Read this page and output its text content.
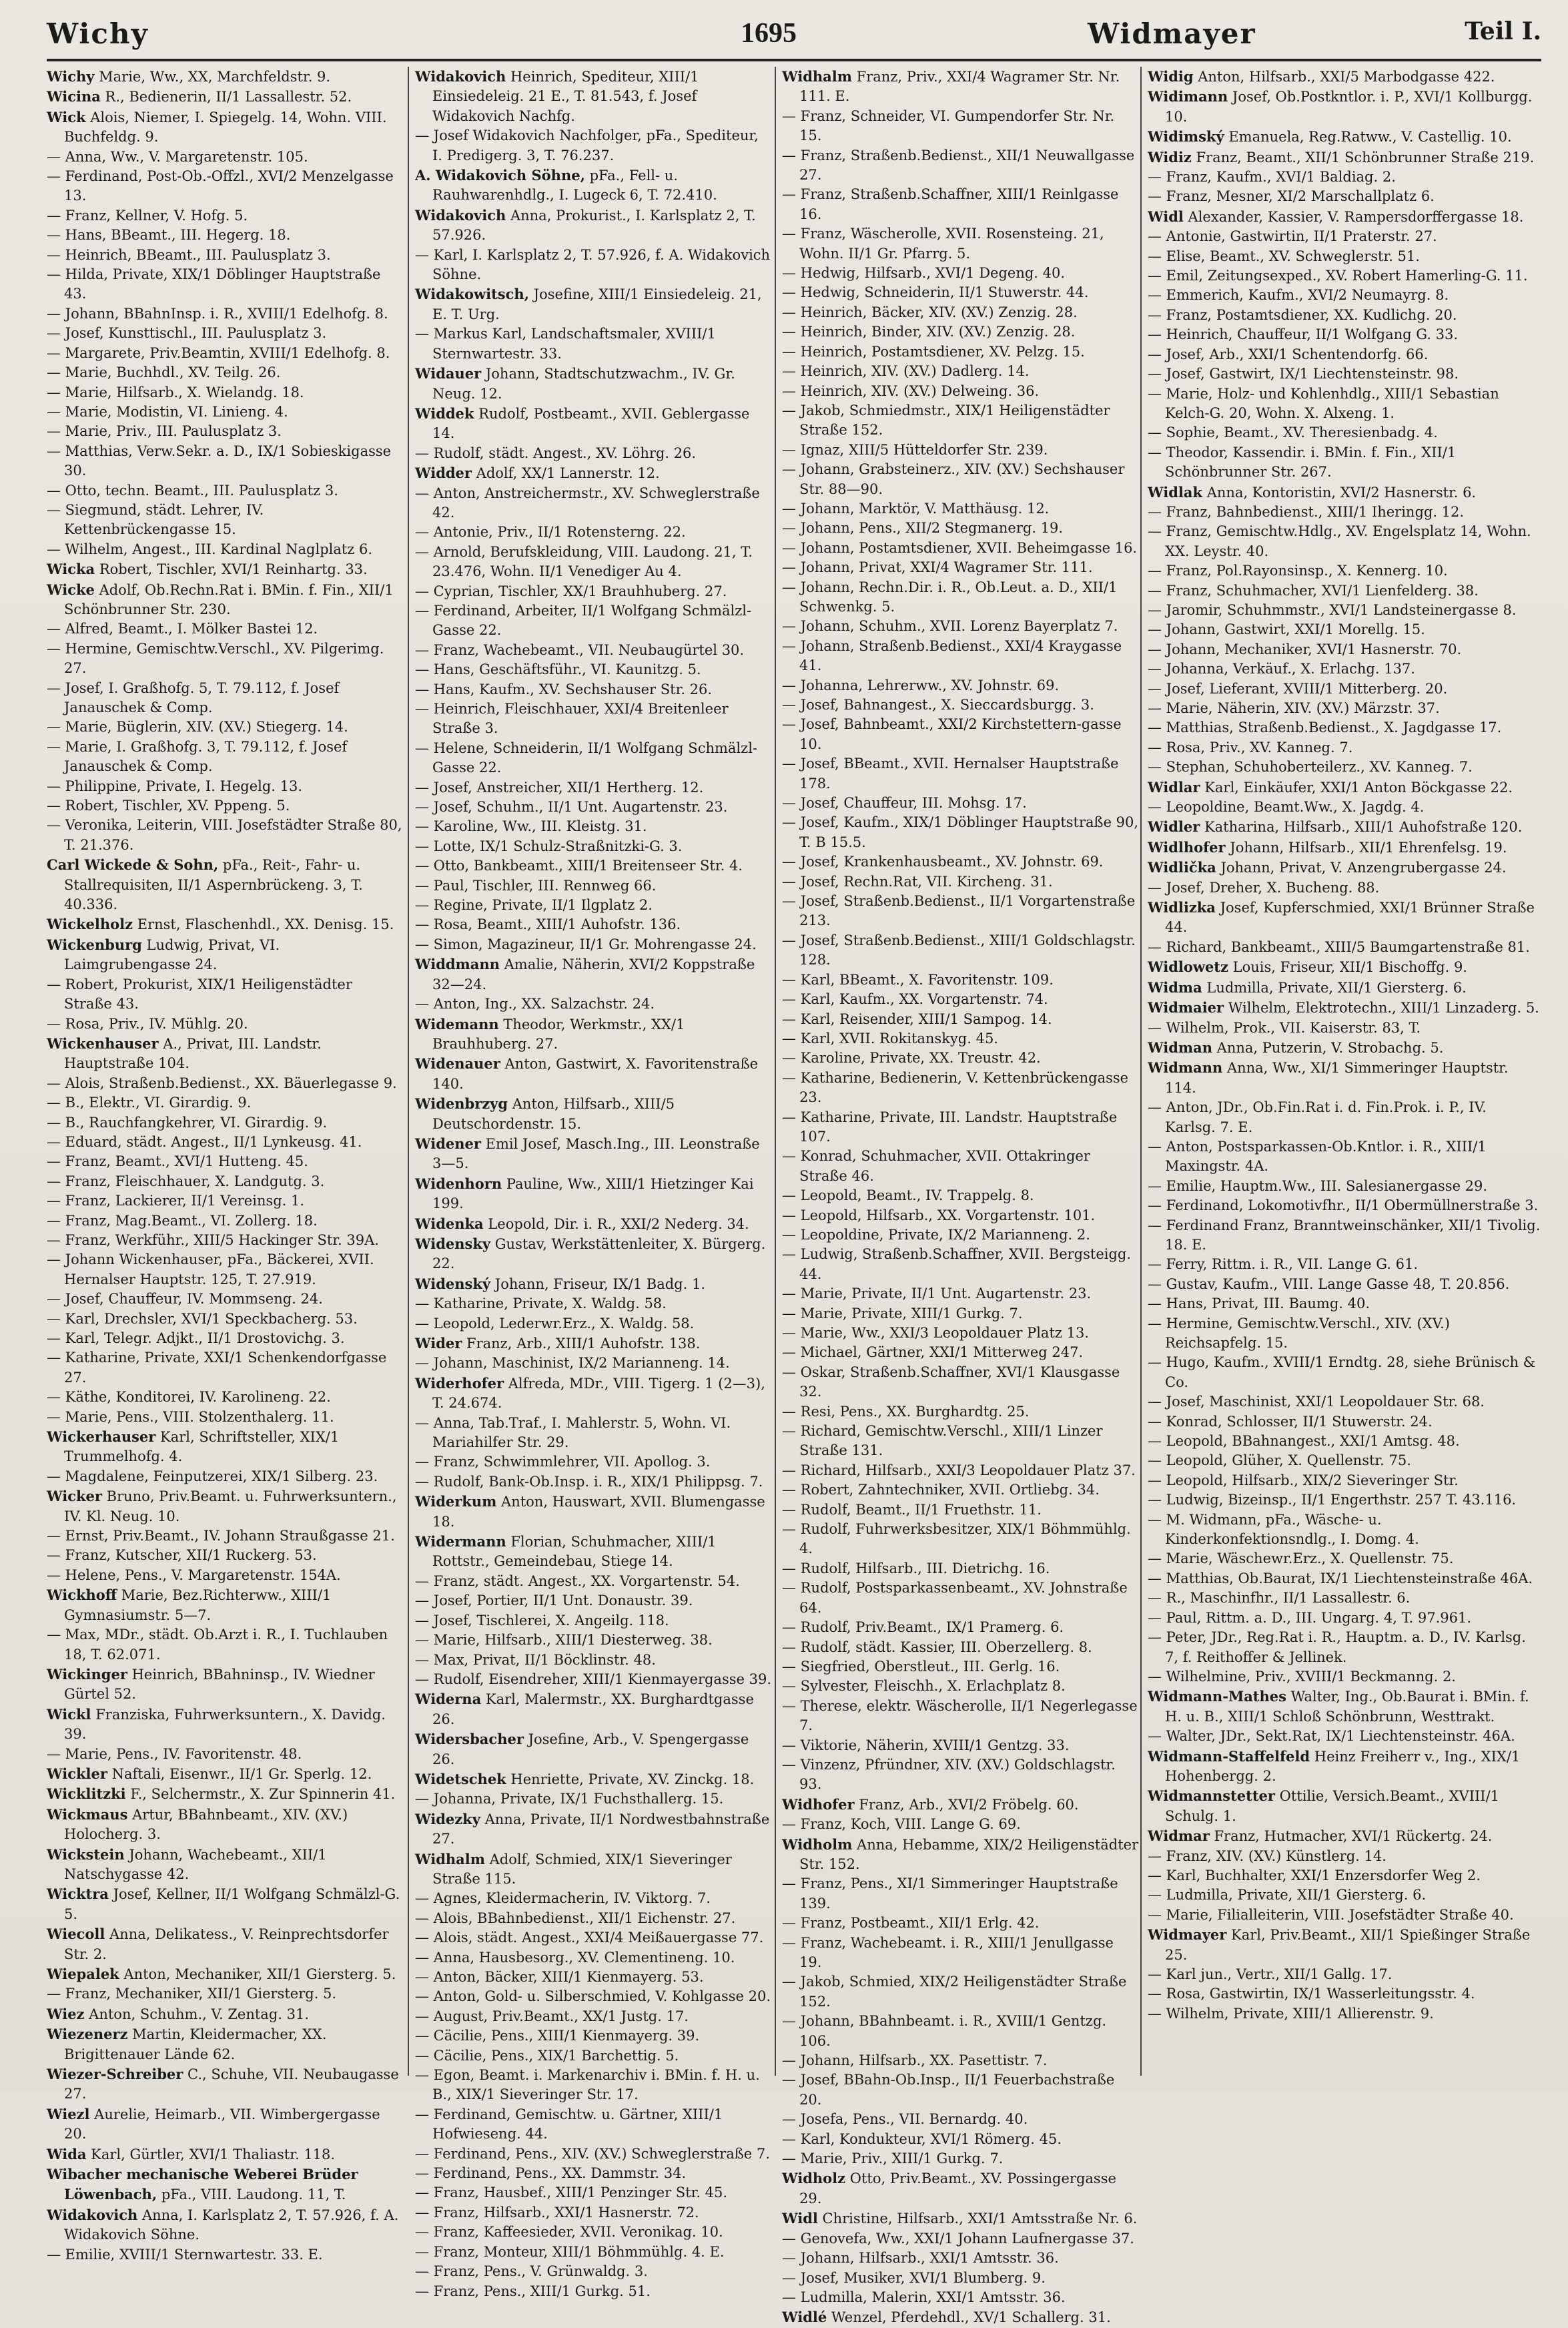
Wichy	1695	Widmayer	Teil I.

Wichy Marie, Ww., XX, Marchfeldstr. 9.

Wicina R., Bedienerin, II/1 Lassallestr. 52.

Wick Alois, Niemer, I. Spiegelg. 14, Wohn. VIII. Buchfeldg. 9.

— Anna, Ww., V. Margaretenstr. 105.

— Ferdinand, Post-Ob.-Offzl., XVI/2 Menzelgasse 13.

— Franz, Kellner, V. Hofg. 5.

— Hans, BBeamt., III. Hegerg. 18.

— Heinrich, BBeamt., III. Paulusplatz 3.

— Hilda, Private, XIX/1 Döblinger Hauptstraße 43.

— Johann, BBahnInsp. i. R., XVIII/1 Edelhofg. 8.

— Josef, Kunsttischl., III. Paulusplatz 3.

— Margarete, Priv.Beamtin, XVIII/1 Edelhofg. 8.

— Marie, Buchhdl., XV. Teilg. 26.

— Marie, Hilfsarb., X. Wielandg. 18.

— Marie, Modistin, VI. Linieng. 4.

— Marie, Priv., III. Paulusplatz 3.

— Matthias, Verw.Sekr. a. D., IX/1 Sobieskigasse 30.

— Otto, techn. Beamt., III. Paulusplatz 3.

— Siegmund, städt. Lehrer, IV. Kettenbrückengasse 15.

— Wilhelm, Angest., III. Kardinal Naglplatz 6.

Wicka Robert, Tischler, XVI/1 Reinhartg. 33.

Wicke Adolf, Ob.Rechn.Rat i. BMin. f. Fin., XII/1 Schönbrunner Str. 230.

— Alfred, Beamt., I. Mölker Bastei 12.

— Hermine, Gemischtw.Verschl., XV. Pilgerimg. 27.

— Josef, I. Graßhofg. 5, T. 79.112, f. Josef Janauschek & Comp.

— Marie, Büglerin, XIV. (XV.) Stiegerg. 14.

— Marie, I. Graßhofg. 3, T. 79.112, f. Josef Janauschek & Comp.

— Philippine, Private, I. Hegelg. 13.

— Robert, Tischler, XV. Pppeng. 5.

— Veronika, Leiterin, VIII. Josefstädter Straße 80, T. 21.376.

Carl Wickede & Sohn, pFa., Reit-, Fahr- u. Stallrequisiten, II/1 Aspernbrückeng. 3, T. 40.336.

Wickelholz Ernst, Flaschenhdl., XX. Denisg. 15.

Wickenburg Ludwig, Privat, VI. Laimgrubengasse 24.

— Robert, Prokurist, XIX/1 Heiligenstädter Straße 43.

— Rosa, Priv., IV. Mühlg. 20.

Wickenhauser A., Privat, III. Landstr. Hauptstraße 104.

— Alois, Straßenb.Bedienst., XX. Bäuerlegasse 9.

— B., Elektr., VI. Girardig. 9.

— B., Rauchfangkehrer, VI. Girardig. 9.

— Eduard, städt. Angest., II/1 Lynkeusg. 41.

— Franz, Beamt., XVI/1 Hutteng. 45.

— Franz, Fleischhauer, X. Landgutg. 3.

— Franz, Lackierer, II/1 Vereinsg. 1.

— Franz, Mag.Beamt., VI. Zollerg. 18.

— Franz, Werkführ., XIII/5 Hackinger Str. 39A.

— Johann Wickenhauser, pFa., Bäckerei, XVII. Hernalser Hauptstr. 125, T. 27.919.

— Josef, Chauffeur, IV. Mommseng. 24.

— Karl, Drechsler, XVI/1 Speckbacherg. 53.

— Karl, Telegr. Adjkt., II/1 Drostovichg. 3.

— Katharine, Private, XXI/1 Schenkendorfgasse 27.

— Käthe, Konditorei, IV. Karolineng. 22.

— Marie, Pens., VIII. Stolzenthalerg. 11.

Wickerhauser Karl, Schriftsteller, XIX/1 Trummelhofg. 4.

— Magdalene, Feinputzerei, XIX/1 Silberg. 23.

Wicker Bruno, Priv.Beamt. u. Fuhrwerksuntern., IV. Kl. Neug. 10.

— Ernst, Priv.Beamt., IV. Johann Straußgasse 21.

— Franz, Kutscher, XII/1 Ruckerg. 53.

— Helene, Pens., V. Margaretenstr. 154A.

Wickhoff Marie, Bez.Richterww., XIII/1 Gymnasiumstr. 5—7.

— Max, MDr., städt. Ob.Arzt i. R., I. Tuchlauben 18, T. 62.071.

Wickinger Heinrich, BBahninsp., IV. Wiedner Gürtel 52.

Wickl Franziska, Fuhrwerksuntern., X. Davidg. 39.

— Marie, Pens., IV. Favoritenstr. 48.

Wickler Naftali, Eisenwr., II/1 Gr. Sperlg. 12.

Wicklitzki F., Selchermstr., X. Zur Spinnerin 41.

Wickmaus Artur, BBahnbeamt., XIV. (XV.) Holocherg. 3.

Wickstein Johann, Wachebeamt., XII/1 Natschygasse 42.

Wicktra Josef, Kellner, II/1 Wolfgang Schmälzl-G. 5.

Wiecoll Anna, Delikatess., V. Reinprechtsdorfer Str. 2.

Wiepalek Anton, Mechaniker, XII/1 Giersterg. 5.

— Franz, Mechaniker, XII/1 Giersterg. 5.

Wiez Anton, Schuhm., V. Zentag. 31.

Wiezenerz Martin, Kleidermacher, XX. Brigittenauer Lände 62.

Wiezer-Schreiber C., Schuhe, VII. Neubaugasse 27.

Wiezl Aurelie, Heimarb., VII. Wimbergergasse 20.

Wida Karl, Gürtler, XVI/1 Thaliastr. 118.

Wibacher mechanische Weberei Brüder Löwenbach, pFa., VIII. Laudong. 11, T.

Widakovich Anna, I. Karlsplatz 2, T. 57.926, f. A. Widakovich Söhne.

— Emilie, XVIII/1 Sternwartestr. 33. E.

Widakovich Heinrich, Spediteur, XIII/1 Einsiedeleig. 21 E., T. 81.543, f. Josef Widakovich Nachfg.

— Josef Widakovich Nachfolger, pFa., Spediteur, I. Predigerg. 3, T. 76.237.

A. Widakovich Söhne, pFa., Fell- u. Rauhwarenhdlg., I. Lugeck 6, T. 72.410.

Widakovich Anna, Prokurist., I. Karlsplatz 2, T. 57.926.

— Karl, I. Karlsplatz 2, T. 57.926, f. A. Widakovich Söhne.

Widakowitsch, Josefine, XIII/1 Einsiedeleig. 21, E. T. Urg.

— Markus Karl, Landschaftsmaler, XVIII/1 Sternwartestr. 33.

Widauer Johann, Stadtschutzwachm., IV. Gr. Neug. 12.

Widdek Rudolf, Postbeamt., XVII. Geblergasse 14.

— Rudolf, städt. Angest., XV. Löhrg. 26.

Widder Adolf, XX/1 Lannerstr. 12.

— Anton, Anstreichermstr., XV. Schweglerstraße 42.

— Antonie, Priv., II/1 Rotensterng. 22.

— Arnold, Berufskleidung, VIII. Laudong. 21, T. 23.476, Wohn. II/1 Venediger Au 4.

— Cyprian, Tischler, XX/1 Brauhhuberg. 27.

— Ferdinand, Arbeiter, II/1 Wolfgang Schmälzl-Gasse 22.

— Franz, Wachebeamt., VII. Neubaugürtel 30.

— Hans, Geschäftsführ., VI. Kaunitzg. 5.

— Hans, Kaufm., XV. Sechshauser Str. 26.

— Heinrich, Fleischhauer, XXI/4 Breitenleer Straße 3.

— Helene, Schneiderin, II/1 Wolfgang Schmälzl-Gasse 22.

— Josef, Anstreicher, XII/1 Hertherg. 12.

— Josef, Schuhm., II/1 Unt. Augartenstr. 23.

— Karoline, Ww., III. Kleistg. 31.

— Lotte, IX/1 Schulz-Straßnitzki-G. 3.

— Otto, Bankbeamt., XIII/1 Breitenseer Str. 4.

— Paul, Tischler, III. Rennweg 66.

— Regine, Private, II/1 Ilgplatz 2.

— Rosa, Beamt., XIII/1 Auhofstr. 136.

— Simon, Magazineur, II/1 Gr. Mohrengasse 24.

Widdmann Amalie, Näherin, XVI/2 Koppstraße 32—24.

— Anton, Ing., XX. Salzachstr. 24.

Widemann Theodor, Werkmstr., XX/1 Brauhhuberg. 27.

Widenauer Anton, Gastwirt, X. Favoritenstraße 140.

Widenbrzyg Anton, Hilfsarb., XIII/5 Deutschordenstr. 15.

Widener Emil Josef, Masch.Ing., III. Leonstraße 3—5.

Widenhorn Pauline, Ww., XIII/1 Hietzinger Kai 199.

Widenka Leopold, Dir. i. R., XXI/2 Nederg. 34.

Widensky Gustav, Werkstättenleiter, X. Bürgerg. 22.

Widenský Johann, Friseur, IX/1 Badg. 1.

— Katharine, Private, X. Waldg. 58.

— Leopold, Lederwr.Erz., X. Waldg. 58.

Wider Franz, Arb., XIII/1 Auhofstr. 138.

— Johann, Maschinist, IX/2 Marianneng. 14.

Widerhofer Alfreda, MDr., VIII. Tigerg. 1 (2—3), T. 24.674.

— Anna, Tab.Traf., I. Mahlerstr. 5, Wohn. VI. Mariahilfer Str. 29.

— Franz, Schwimmlehrer, VII. Apollog. 3.

— Rudolf, Bank-Ob.Insp. i. R., XIX/1 Philippsg. 7.

Widerkum Anton, Hauswart, XVII. Blumengasse 18.

Widermann Florian, Schuhmacher, XIII/1 Rottstr., Gemeindebau, Stiege 14.

— Franz, städt. Angest., XX. Vorgartenstr. 54.

— Josef, Portier, II/1 Unt. Donaustr. 39.

— Josef, Tischlerei, X. Angeilg. 118.

— Marie, Hilfsarb., XIII/1 Diesterweg. 38.

— Max, Privat, II/1 Böcklinstr. 48.

— Rudolf, Eisendreher, XIII/1 Kienmayergasse 39.

Widerna Karl, Malermstr., XX. Burghardtgasse 26.

Widersbacher Josefine, Arb., V. Spengergasse 26.

Widetschek Henriette, Private, XV. Zinckg. 18.

— Johanna, Private, IX/1 Fuchsthallerg. 15.

Widezky Anna, Private, II/1 Nordwestbahnstraße 27.

Widhalm Adolf, Schmied, XIX/1 Sieveringer Straße 115.

— Agnes, Kleidermacherin, IV. Viktorg. 7.

— Alois, BBahnbedienst., XII/1 Eichenstr. 27.

— Alois, städt. Angest., XXI/4 Meißauergasse 77.

— Anna, Hausbesorg., XV. Clementineng. 10.

— Anton, Bäcker, XIII/1 Kienmayerg. 53.

— Anton, Gold- u. Silberschmied, V. Kohlgasse 20.

— August, Priv.Beamt., XX/1 Justg. 17.

— Cäcilie, Pens., XIII/1 Kienmayerg. 39.

— Cäcilie, Pens., XIX/1 Barchettig. 5.

— Egon, Beamt. i. Markenarchiv i. BMin. f. H. u. B., XIX/1 Sieveringer Str. 17.

— Ferdinand, Gemischtw. u. Gärtner, XIII/1 Hofwieseng. 44.

— Ferdinand, Pens., XIV. (XV.) Schweglerstraße 7.

— Ferdinand, Pens., XX. Dammstr. 34.

— Franz, Hausbef., XIII/1 Penzinger Str. 45.

— Franz, Hilfsarb., XXI/1 Hasnerstr. 72.

— Franz, Kaffeesieder, XVII. Veronikag. 10.

— Franz, Monteur, XIII/1 Böhmmühlg. 4. E.

— Franz, Pens., V. Grünwaldg. 3.

— Franz, Pens., XIII/1 Gurkg. 51.

Widhalm Franz, Priv., XXI/4 Wagramer Str. Nr. 111. E.

— Franz, Schneider, VI. Gumpendorfer Str. Nr. 15.

— Franz, Straßenb.Bedienst., XII/1 Neuwallgasse 27.

— Franz, Straßenb.Schaffner, XIII/1 Reinlgasse 16.

— Franz, Wäscherolle, XVII. Rosensteing. 21, Wohn. II/1 Gr. Pfarrg. 5.

— Hedwig, Hilfsarb., XVI/1 Degeng. 40.

— Hedwig, Schneiderin, II/1 Stuwerstr. 44.

— Heinrich, Bäcker, XIV. (XV.) Zenzig. 28.

— Heinrich, Binder, XIV. (XV.) Zenzig. 28.

— Heinrich, Postamtsdiener, XV. Pelzg. 15.

— Heinrich, XIV. (XV.) Dadlerg. 14.

— Heinrich, XIV. (XV.) Delweing. 36.

— Jakob, Schmiedmstr., XIX/1 Heiligenstädter Straße 152.

— Ignaz, XIII/5 Hütteldorfer Str. 239.

— Johann, Grabsteinerz., XIV. (XV.) Sechshauser Str. 88—90.

— Johann, Marktör, V. Matthäusg. 12.

— Johann, Pens., XII/2 Stegmanerg. 19.

— Johann, Postamtsdiener, XVII. Beheimgasse 16.

— Johann, Privat, XXI/4 Wagramer Str. 111.

— Johann, Rechn.Dir. i. R., Ob.Leut. a. D., XII/1 Schwenkg. 5.

— Johann, Schuhm., XVII. Lorenz Bayerplatz 7.

— Johann, Straßenb.Bedienst., XXI/4 Kraygasse 41.

— Johanna, Lehrerww., XV. Johnstr. 69.

— Josef, Bahnangest., X. Sieccardsburgg. 3.

— Josef, Bahnbeamt., XXI/2 Kirchstettern-gasse 10.

— Josef, BBeamt., XVII. Hernalser Hauptstraße 178.

— Josef, Chauffeur, III. Mohsg. 17.

— Josef, Kaufm., XIX/1 Döblinger Hauptstraße 90, T. B 15.5.

— Josef, Krankenhausbeamt., XV. Johnstr. 69.

— Josef, Rechn.Rat, VII. Kircheng. 31.

— Josef, Straßenb.Bedienst., II/1 Vorgartenstraße 213.

— Josef, Straßenb.Bedienst., XIII/1 Goldschlagstr. 128.

— Karl, BBeamt., X. Favoritenstr. 109.

— Karl, Kaufm., XX. Vorgartenstr. 74.

— Karl, Reisender, XIII/1 Sampog. 14.

— Karl, XVII. Rokitanskyg. 45.

— Karoline, Private, XX. Treustr. 42.

— Katharine, Bedienerin, V. Kettenbrückengasse 23.

— Katharine, Private, III. Landstr. Hauptstraße 107.

— Konrad, Schuhmacher, XVII. Ottakringer Straße 46.

— Leopold, Beamt., IV. Trappelg. 8.

— Leopold, Hilfsarb., XX. Vorgartenstr. 101.

— Leopoldine, Private, IX/2 Marianneng. 2.

— Ludwig, Straßenb.Schaffner, XVII. Bergsteigg. 44.

— Marie, Private, II/1 Unt. Augartenstr. 23.

— Marie, Private, XIII/1 Gurkg. 7.

— Marie, Ww., XXI/3 Leopoldauer Platz 13.

— Michael, Gärtner, XXI/1 Mitterweg 247.

— Oskar, Straßenb.Schaffner, XVI/1 Klausgasse 32.

— Resi, Pens., XX. Burghardtg. 25.

— Richard, Gemischtw.Verschl., XIII/1 Linzer Straße 131.

— Richard, Hilfsarb., XXI/3 Leopoldauer Platz 37.

— Robert, Zahntechniker, XVII. Ortliebg. 34.

— Rudolf, Beamt., II/1 Fruethstr. 11.

— Rudolf, Fuhrwerksbesitzer, XIX/1 Böhmmühlg. 4.

— Rudolf, Hilfsarb., III. Dietrichg. 16.

— Rudolf, Postsparkassenbeamt., XV. Johnstraße 64.

— Rudolf, Priv.Beamt., IX/1 Pramerg. 6.

— Rudolf, städt. Kassier, III. Oberzellerg. 8.

— Siegfried, Oberstleut., III. Gerlg. 16.

— Sylvester, Fleischh., X. Erlachplatz 8.

— Therese, elektr. Wäscherolle, II/1 Negerlegasse 7.

— Viktorie, Näherin, XVIII/1 Gentzg. 33.

— Vinzenz, Pfründner, XIV. (XV.) Goldschlagstr. 93.

Widhofer Franz, Arb., XVI/2 Fröbelg. 60.

— Franz, Koch, VIII. Lange G. 69.

Widholm Anna, Hebamme, XIX/2 Heiligenstädter Str. 152.

— Franz, Pens., XI/1 Simmeringer Hauptstraße 139.

— Franz, Postbeamt., XII/1 Erlg. 42.

— Franz, Wachebeamt. i. R., XIII/1 Jenullgasse 19.

— Jakob, Schmied, XIX/2 Heiligenstädter Straße 152.

— Johann, BBahnbeamt. i. R., XVIII/1 Gentzg. 106.

— Johann, Hilfsarb., XX. Pasettistr. 7.

— Josef, BBahn-Ob.Insp., II/1 Feuerbachstraße 20.

— Josefa, Pens., VII. Bernardg. 40.

— Karl, Kondukteur, XVI/1 Römerg. 45.

— Marie, Priv., XIII/1 Gurkg. 7.

Widholz Otto, Priv.Beamt., XV. Possingergasse 29.

Widl Christine, Hilfsarb., XXI/1 Amtsstraße Nr. 6.

— Genovefa, Ww., XXI/1 Johann Laufnergasse 37.

— Johann, Hilfsarb., XXI/1 Amtsstr. 36.

— Josef, Musiker, XVI/1 Blumberg. 9.

— Ludmilla, Malerin, XXI/1 Amtsstr. 36.

Widlé Wenzel, Pferdehdl., XV/1 Schallerg. 31.

Widig Anton, Hilfsarb., XXI/5 Marbodgasse 422.

Widimann Josef, Ob.Postkntlor. i. P., XVI/1 Kollburgg. 10.

Widimský Emanuela, Reg.Ratww., V. Castellig. 10.

Widiz Franz, Beamt., XII/1 Schönbrunner Straße 219.

— Franz, Kaufm., XVI/1 Baldiag. 2.

— Franz, Mesner, XI/2 Marschallplatz 6.

Widl Alexander, Kassier, V. Rampersdorffergasse 18.

— Antonie, Gastwirtin, II/1 Praterstr. 27.

— Elise, Beamt., XV. Schweglerstr. 51.

— Emil, Zeitungsexped., XV. Robert Hamerling-G. 11.

— Emmerich, Kaufm., XVI/2 Neumayrg. 8.

— Franz, Postamtsdiener, XX. Kudlichg. 20.

— Heinrich, Chauffeur, II/1 Wolfgang G. 33.

— Josef, Arb., XXI/1 Schentendorfg. 66.

— Josef, Gastwirt, IX/1 Liechtensteinstr. 98.

— Marie, Holz- und Kohlenhdlg., XIII/1 Sebastian Kelch-G. 20, Wohn. X. Alxeng. 1.

— Sophie, Beamt., XV. Theresienbadg. 4.

— Theodor, Kassendir. i. BMin. f. Fin., XII/1 Schönbrunner Str. 267.

Widlak Anna, Kontoristin, XVI/2 Hasnerstr. 6.

— Franz, Bahnbedienst., XIII/1 Iheringg. 12.

— Franz, Gemischtw.Hdlg., XV. Engelsplatz 14, Wohn. XX. Leystr. 40.

— Franz, Pol.Rayonsinsp., X. Kennerg. 10.

— Franz, Schuhmacher, XVI/1 Lienfelderg. 38.

— Jaromir, Schuhmmstr., XVI/1 Landsteinergasse 8.

— Johann, Gastwirt, XXI/1 Morellg. 15.

— Johann, Mechaniker, XVI/1 Hasnerstr. 70.

— Johanna, Verkäuf., X. Erlachg. 137.

— Josef, Lieferant, XVIII/1 Mitterberg. 20.

— Marie, Näherin, XIV. (XV.) Märzstr. 37.

— Matthias, Straßenb.Bedienst., X. Jagdgasse 17.

— Rosa, Priv., XV. Kanneg. 7.

— Stephan, Schuhoberteilerz., XV. Kanneg. 7.

Widlar Karl, Einkäufer, XXI/1 Anton Böckgasse 22.

— Leopoldine, Beamt.Ww., X. Jagdg. 4.

Widler Katharina, Hilfsarb., XIII/1 Auhofstraße 120.

Widlhofer Johann, Hilfsarb., XII/1 Ehrenfelsg. 19.

Widlička Johann, Privat, V. Anzengrubergasse 24.

— Josef, Dreher, X. Bucheng. 88.

Widlizka Josef, Kupferschmied, XXI/1 Brünner Straße 44.

— Richard, Bankbeamt., XIII/5 Baumgartenstraße 81.

Widlowetz Louis, Friseur, XII/1 Bischoffg. 9.

Widma Ludmilla, Private, XII/1 Giersterg. 6.

Widmaier Wilhelm, Elektrotechn., XIII/1 Linzaderg. 5.

— Wilhelm, Prok., VII. Kaiserstr. 83, T.

Widman Anna, Putzerin, V. Strobachg. 5.

Widmann Anna, Ww., XI/1 Simmeringer Hauptstr. 114.

— Anton, JDr., Ob.Fin.Rat i. d. Fin.Prok. i. P., IV. Karlsg. 7. E.

— Anton, Postsparkassen-Ob.Kntlor. i. R., XIII/1 Maxingstr. 4A.

— Emilie, Hauptm.Ww., III. Salesianergasse 29.

— Ferdinand, Lokomotivfhr., II/1 Obermüllnerstraße 3.

— Ferdinand Franz, Branntweinschänker, XII/1 Tivolig. 18. E.

— Ferry, Rittm. i. R., VII. Lange G. 61.

— Gustav, Kaufm., VIII. Lange Gasse 48, T. 20.856.

— Hans, Privat, III. Baumg. 40.

— Hermine, Gemischtw.Verschl., XIV. (XV.) Reichsapfelg. 15.

— Hugo, Kaufm., XVIII/1 Erndtg. 28, siehe Brünisch & Co.

— Josef, Maschinist, XXI/1 Leopoldauer Str. 68.

— Konrad, Schlosser, II/1 Stuwerstr. 24.

— Leopold, BBahnangest., XXI/1 Amtsg. 48.

— Leopold, Glüher, X. Quellenstr. 75.

— Leopold, Hilfsarb., XIX/2 Sieveringer Str.

— Ludwig, Bizeinsp., II/1 Engerthstr. 257 T. 43.116.

— M. Widmann, pFa., Wäsche- u. Kinderkonfektionsndlg., I. Domg. 4.

— Marie, Wäschewr.Erz., X. Quellenstr. 75.

— Matthias, Ob.Baurat, IX/1 Liechtensteinstraße 46A.

— R., Maschinfhr., II/1 Lassallestr. 6.

— Paul, Rittm. a. D., III. Ungarg. 4, T. 97.961.

— Peter, JDr., Reg.Rat i. R., Hauptm. a. D., IV. Karlsg. 7, f. Reithoffer & Jellinek.

— Wilhelmine, Priv., XVIII/1 Beckmanng. 2.

Widmann-Mathes Walter, Ing., Ob.Baurat i. BMin. f. H. u. B., XIII/1 Schloß Schönbrunn, Westtrakt.

— Walter, JDr., Sekt.Rat, IX/1 Liechtensteinstr. 46A.

Widmann-Staffelfeld Heinz Freiherr v., Ing., XIX/1 Hohenbergg. 2.

Widmannstetter Ottilie, Versich.Beamt., XVIII/1 Schulg. 1.

Widmar Franz, Hutmacher, XVI/1 Rückertg. 24.

— Franz, XIV. (XV.) Künstlerg. 14.

— Karl, Buchhalter, XXI/1 Enzersdorfer Weg 2.

— Ludmilla, Private, XII/1 Giersterg. 6.

— Marie, Filialleiterin, VIII. Josefstädter Straße 40.

Widmayer Karl, Priv.Beamt., XII/1 Spießinger Straße 25.

— Karl jun., Vertr., XII/1 Gallg. 17.

— Rosa, Gastwirtin, IX/1 Wasserleitungsstr. 4.

— Wilhelm, Private, XIII/1 Allierenstr. 9.
